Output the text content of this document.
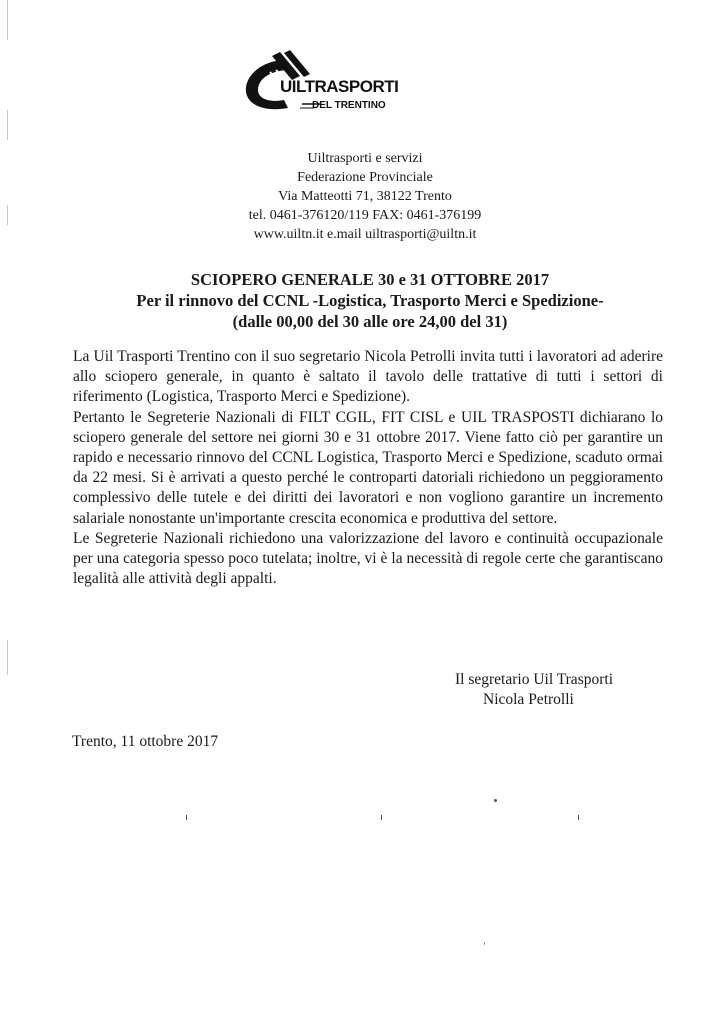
UILTRASPORTI
DEL TRENTINO
Uiltrasporti e servizi
Federazione Provinciale
Via Matteotti 71, 38122 Trento
tel. 0461-376120/119 FAX: 0461-376199
www.uiltn.it e.mail uiltrasporti@uiltn.it
SCIOPERO GENERALE 30 e 31 OTTOBRE 2017
Per il rinnovo del CCNL -Logistica, Trasporto Merci e Spedizione-
(dalle 00,00 del 30 alle ore 24,00 del 31)

La Uil Trasporti Trentino con il suo segretario Nicola Petrolli invita tutti i lavoratori ad aderire allo sciopero generale, in quanto è saltato il tavolo delle trattative di tutti i settori di riferimento (Logistica, Trasporto Merci e Spedizione).

Pertanto le Segreterie Nazionali di FILT CGIL, FIT CISL e UIL TRASPOSTI dichiarano lo sciopero generale del settore nei giorni 30 e 31 ottobre 2017. Viene fatto ciò per garantire un rapido e necessario rinnovo del CCNL Logistica, Trasporto Merci e Spedizione, scaduto ormai da 22 mesi. Si è arrivati a questo perché le controparti datoriali richiedono un peggioramento complessivo delle tutele e dei diritti dei lavoratori e non vogliono garantire un incremento salariale nonostante un'importante crescita economica e produttiva del settore.

Le Segreterie Nazionali richiedono una valorizzazione del lavoro e continuità occupazionale per una categoria spesso poco tutelata; inoltre, vi è la necessità di regole certe che garantiscano legalità alle attività degli appalti.

Il segretario Uil Trasporti
Nicola Petrolli
Trento, 11 ottobre 2017
